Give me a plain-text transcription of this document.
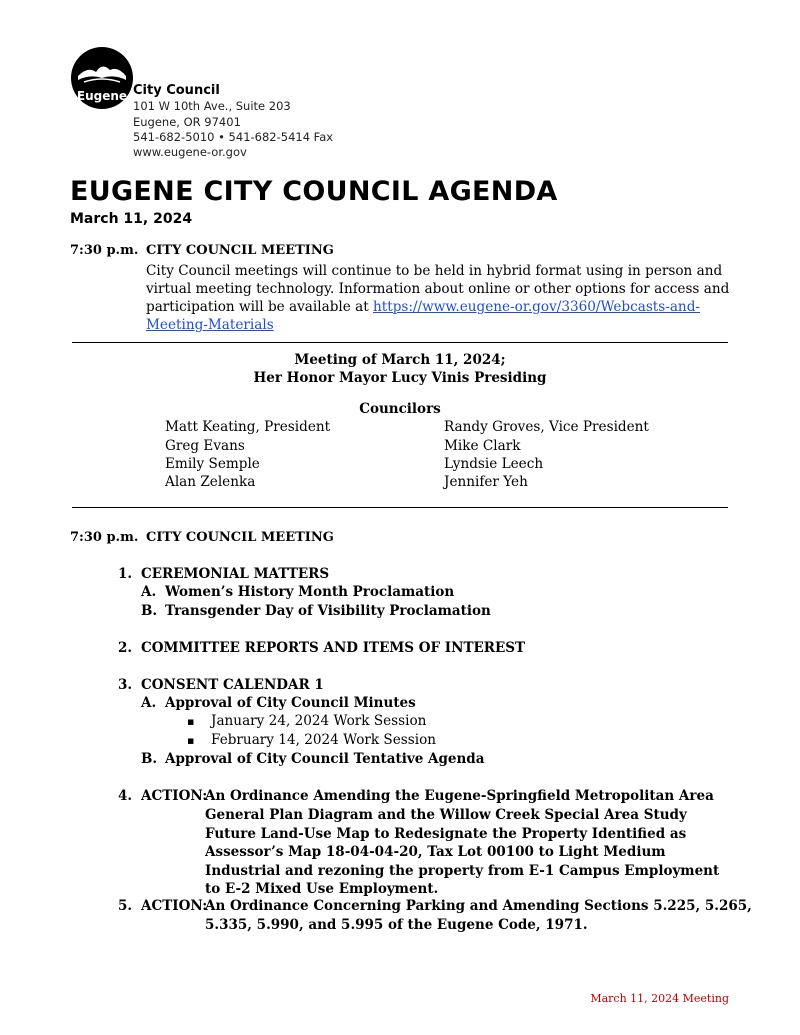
Eugene City Council
101 W 10th Ave., Suite 203
Eugene, OR 97401
541-682-5010 • 541-682-5414 Fax
www.eugene-or.gov
EUGENE CITY COUNCIL AGENDA
March 11, 2024
7:30 p.m. CITY COUNCIL MEETING
City Council meetings will continue to be held in hybrid format using in person and virtual meeting technology. Information about online or other options for access and participation will be available at https://www.eugene-or.gov/3360/Webcasts-and-Meeting-Materials
Meeting of March 11, 2024;
Her Honor Mayor Lucy Vinis Presiding
Councilors
Matt Keating, President
Greg Evans
Emily Semple
Alan Zelenka
Randy Groves, Vice President
Mike Clark
Lyndsie Leech
Jennifer Yeh
7:30 p.m. CITY COUNCIL MEETING
1. CEREMONIAL MATTERS
A. Women’s History Month Proclamation
B. Transgender Day of Visibility Proclamation
2. COMMITTEE REPORTS AND ITEMS OF INTEREST
3. CONSENT CALENDAR 1
A. Approval of City Council Minutes
▪ January 24, 2024 Work Session
▪ February 14, 2024 Work Session
B. Approval of City Council Tentative Agenda
4. ACTION:
An Ordinance Amending the Eugene-Springfield Metropolitan Area
General Plan Diagram and the Willow Creek Special Area Study Future Land-Use Map to Redesignate the Property Identified as Assessor’s Map 18-04-04-20, Tax Lot 00100 to Light Medium Industrial and rezoning the property from E-1 Campus Employment to E-2 Mixed Use Employment.
5. ACTION:
An Ordinance Concerning Parking and Amending Sections 5.225, 5.265,
5.335, 5.990, and 5.995 of the Eugene Code, 1971.
March 11, 2024 Meeting
